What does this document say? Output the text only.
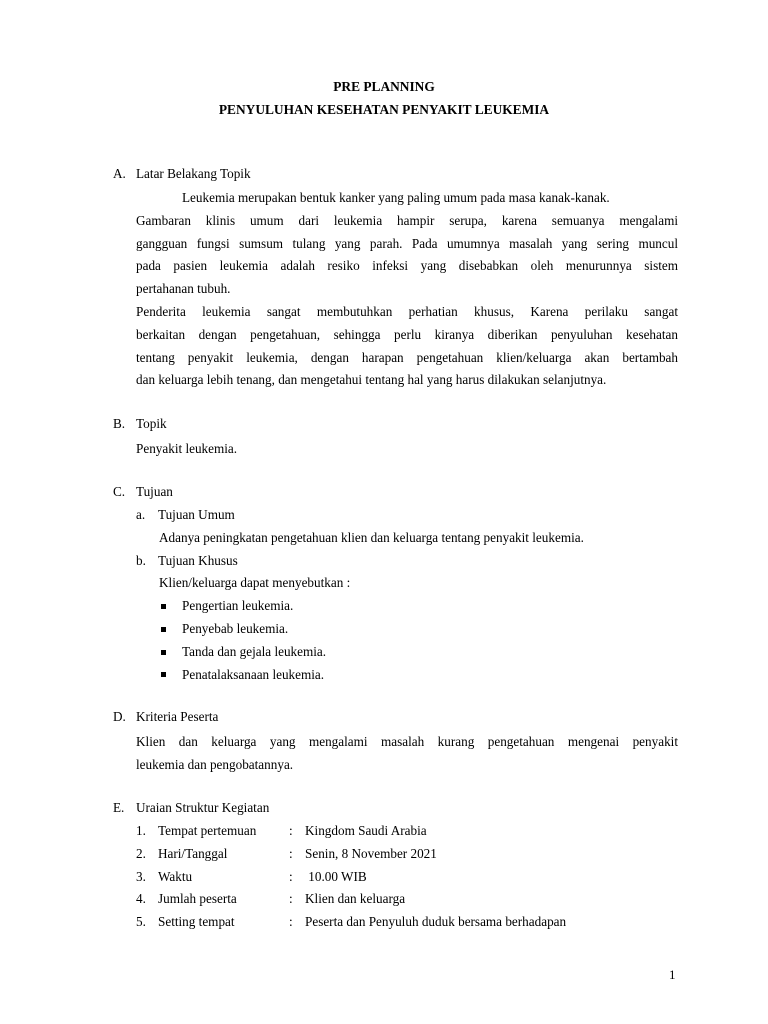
PRE PLANNING
PENYULUHAN KESEHATAN PENYAKIT LEUKEMIA
A. Latar Belakang Topik
Leukemia merupakan bentuk kanker yang paling umum pada masa kanak-kanak.
Gambaran klinis umum dari leukemia hampir serupa, karena semuanya mengalami
gangguan fungsi sumsum tulang yang parah. Pada umumnya masalah yang sering muncul
pada pasien leukemia adalah resiko infeksi yang disebabkan oleh menurunnya sistem
pertahanan tubuh.
Penderita leukemia sangat membutuhkan perhatian khusus, Karena perilaku sangat
berkaitan dengan pengetahuan, sehingga perlu kiranya diberikan penyuluhan kesehatan
tentang penyakit leukemia, dengan harapan pengetahuan klien/keluarga akan bertambah
dan keluarga lebih tenang, dan mengetahui tentang hal yang harus dilakukan selanjutnya.
B. Topik
Penyakit leukemia.
C. Tujuan
a. Tujuan Umum
Adanya peningkatan pengetahuan klien dan keluarga tentang penyakit leukemia.
b. Tujuan Khusus
Klien/keluarga dapat menyebutkan :
Pengertian leukemia.
Penyebab leukemia.
Tanda dan gejala leukemia.
Penatalaksanaan leukemia.
D. Kriteria Peserta
Klien dan keluarga yang mengalami masalah kurang pengetahuan mengenai penyakit
leukemia dan pengobatannya.
E. Uraian Struktur Kegiatan
1. Tempat pertemuan	: Kingdom Saudi Arabia
2. Hari/Tanggal	: Senin, 8 November 2021
3. Waktu	: 10.00 WIB
4. Jumlah peserta	: Klien dan keluarga
5. Setting tempat	: Peserta dan Penyuluh duduk bersama berhadapan
1
